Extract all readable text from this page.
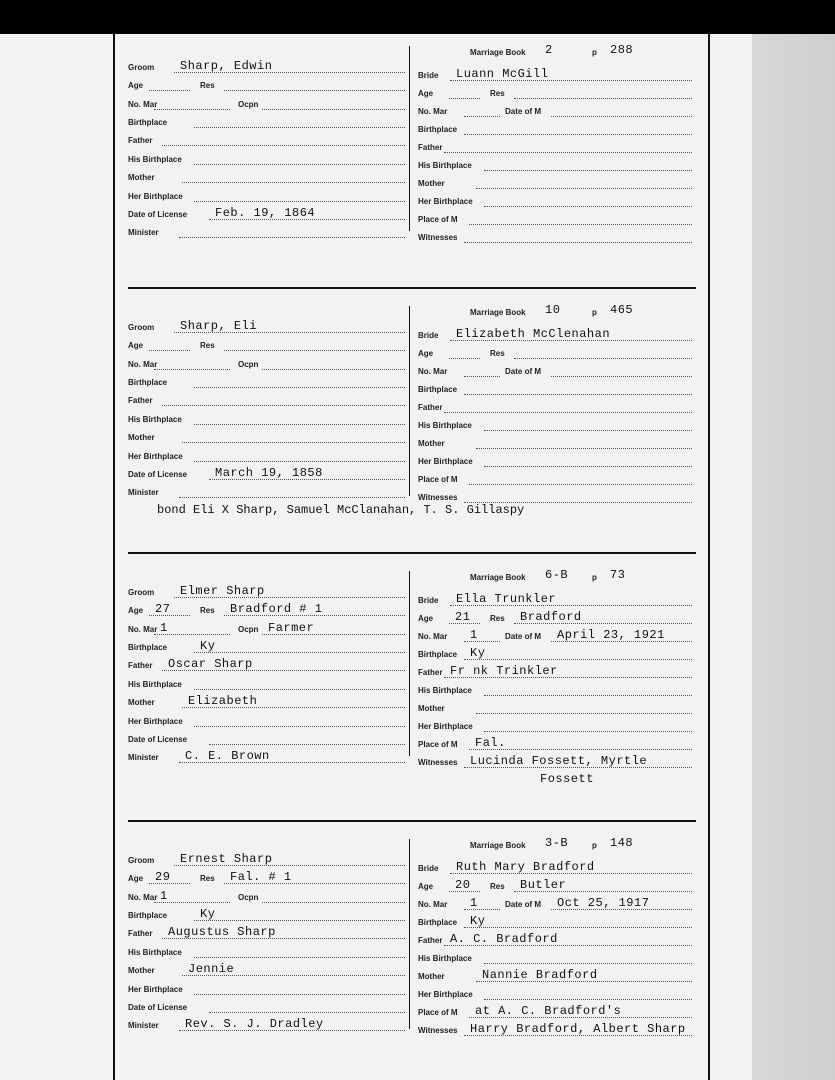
Groom Sharp, Edwin
Age	Res
No. Mar	Ocpn
Birthplace
Father
His Birthplace
Mother
Her Birthplace
Date of License Feb. 19, 1864
Minister
Bride Luann McGill
Age	Res
No. Mar	Date of M
Birthplace
Father
His Birthplace
Mother
Her Birthplace
Place of M
Witnesses
Marriage Book 2	p 288
Groom Sharp, Eli
Age	Res
No. Mar	Ocpn
Birthplace
Father
His Birthplace
Mother
Her Birthplace
Date of License March 19, 1858
Minister
Bride Elizabeth McClenahan
Age	Res
No. Mar	Date of M
Birthplace
Father
His Birthplace
Mother
Her Birthplace
Place of M
Witnesses
Marriage Book 10	p 465
bond Eli X Sharp, Samuel McClanahan, T. S. Gillaspy
Groom Elmer Sharp
Age 27	Res Bradford # 1
No. Mar 1	Ocpn Farmer
Birthplace	Ky
Father Oscar Sharp
His Birthplace
Mother	Elizabeth
Her Birthplace
Date of License
Minister C. E. Brown
Bride Ella Trunkler
Age 21 Res Bradford
No. Mar 1	Date of M April 23, 1921
Birthplace Ky
Father Fr nk Trinkler
His Birthplace
Mother
Her Birthplace
Place of M Fal.
Witnesses Lucinda Fossett, Myrtle
Marriage Book 6-B	p 73
Fossett
Groom Ernest Sharp
Age 29	Res Fal. # 1
No. Mar 1	Ocpn
Birthplace	Ky
Father Augustus Sharp
His Birthplace
Mother	Jennie
Her Birthplace
Date of License
Minister Rev. S. J. Dradley
Bride Ruth Mary Bradford
Age 20 Res Butler
No. Mar 1	Date of M Oct 25, 1917
Birthplace Ky
Father A. C. Bradford
His Birthplace
Mother	Nannie Bradford
Her Birthplace
Place of M at A. C. Bradford's
Witnesses Harry Bradford, Albert Sharp
Marriage Book 3-B	p 148
